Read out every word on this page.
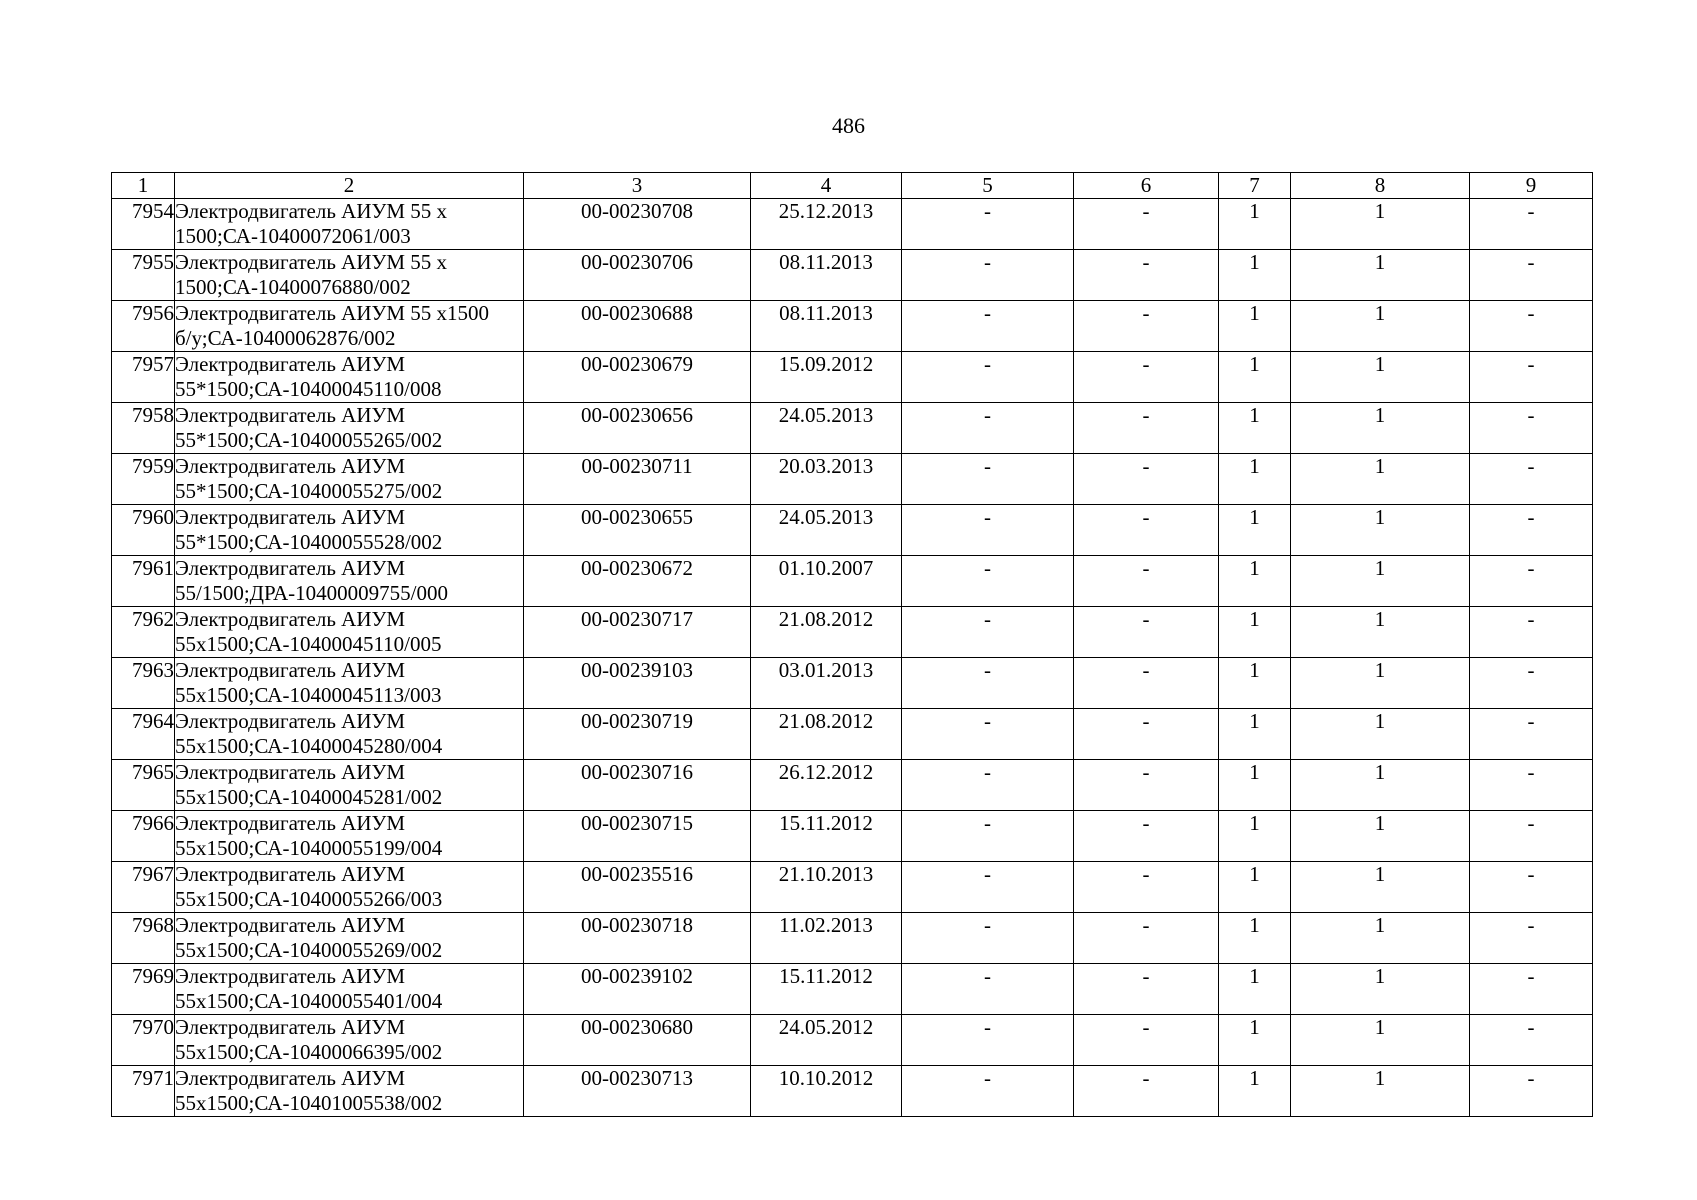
486
1	2	3	4	5	6	7	8	9
7954	Электродвигатель АИУМ 55 х
1500;СА-10400072061/003	00-00230708	25.12.2013	-	-	1	1	-
7955	Электродвигатель АИУМ 55 х
1500;СА-10400076880/002	00-00230706	08.11.2013	-	-	1	1	-
7956	Электродвигатель АИУМ 55 х1500
б/у;СА-10400062876/002	00-00230688	08.11.2013	-	-	1	1	-
7957	Электродвигатель АИУМ
55*1500;СА-10400045110/008	00-00230679	15.09.2012	-	-	1	1	-
7958	Электродвигатель АИУМ
55*1500;СА-10400055265/002	00-00230656	24.05.2013	-	-	1	1	-
7959	Электродвигатель АИУМ
55*1500;СА-10400055275/002	00-00230711	20.03.2013	-	-	1	1	-
7960	Электродвигатель АИУМ
55*1500;СА-10400055528/002	00-00230655	24.05.2013	-	-	1	1	-
7961	Электродвигатель АИУМ
55/1500;ДРА-10400009755/000	00-00230672	01.10.2007	-	-	1	1	-
7962	Электродвигатель АИУМ
55х1500;СА-10400045110/005	00-00230717	21.08.2012	-	-	1	1	-
7963	Электродвигатель АИУМ
55х1500;СА-10400045113/003	00-00239103	03.01.2013	-	-	1	1	-
7964	Электродвигатель АИУМ
55х1500;СА-10400045280/004	00-00230719	21.08.2012	-	-	1	1	-
7965	Электродвигатель АИУМ
55х1500;СА-10400045281/002	00-00230716	26.12.2012	-	-	1	1	-
7966	Электродвигатель АИУМ
55х1500;СА-10400055199/004	00-00230715	15.11.2012	-	-	1	1	-
7967	Электродвигатель АИУМ
55х1500;СА-10400055266/003	00-00235516	21.10.2013	-	-	1	1	-
7968	Электродвигатель АИУМ
55х1500;СА-10400055269/002	00-00230718	11.02.2013	-	-	1	1	-
7969	Электродвигатель АИУМ
55х1500;СА-10400055401/004	00-00239102	15.11.2012	-	-	1	1	-
7970	Электродвигатель АИУМ
55х1500;СА-10400066395/002	00-00230680	24.05.2012	-	-	1	1	-
7971	Электродвигатель АИУМ
55х1500;СА-10401005538/002	00-00230713	10.10.2012	-	-	1	1	-
